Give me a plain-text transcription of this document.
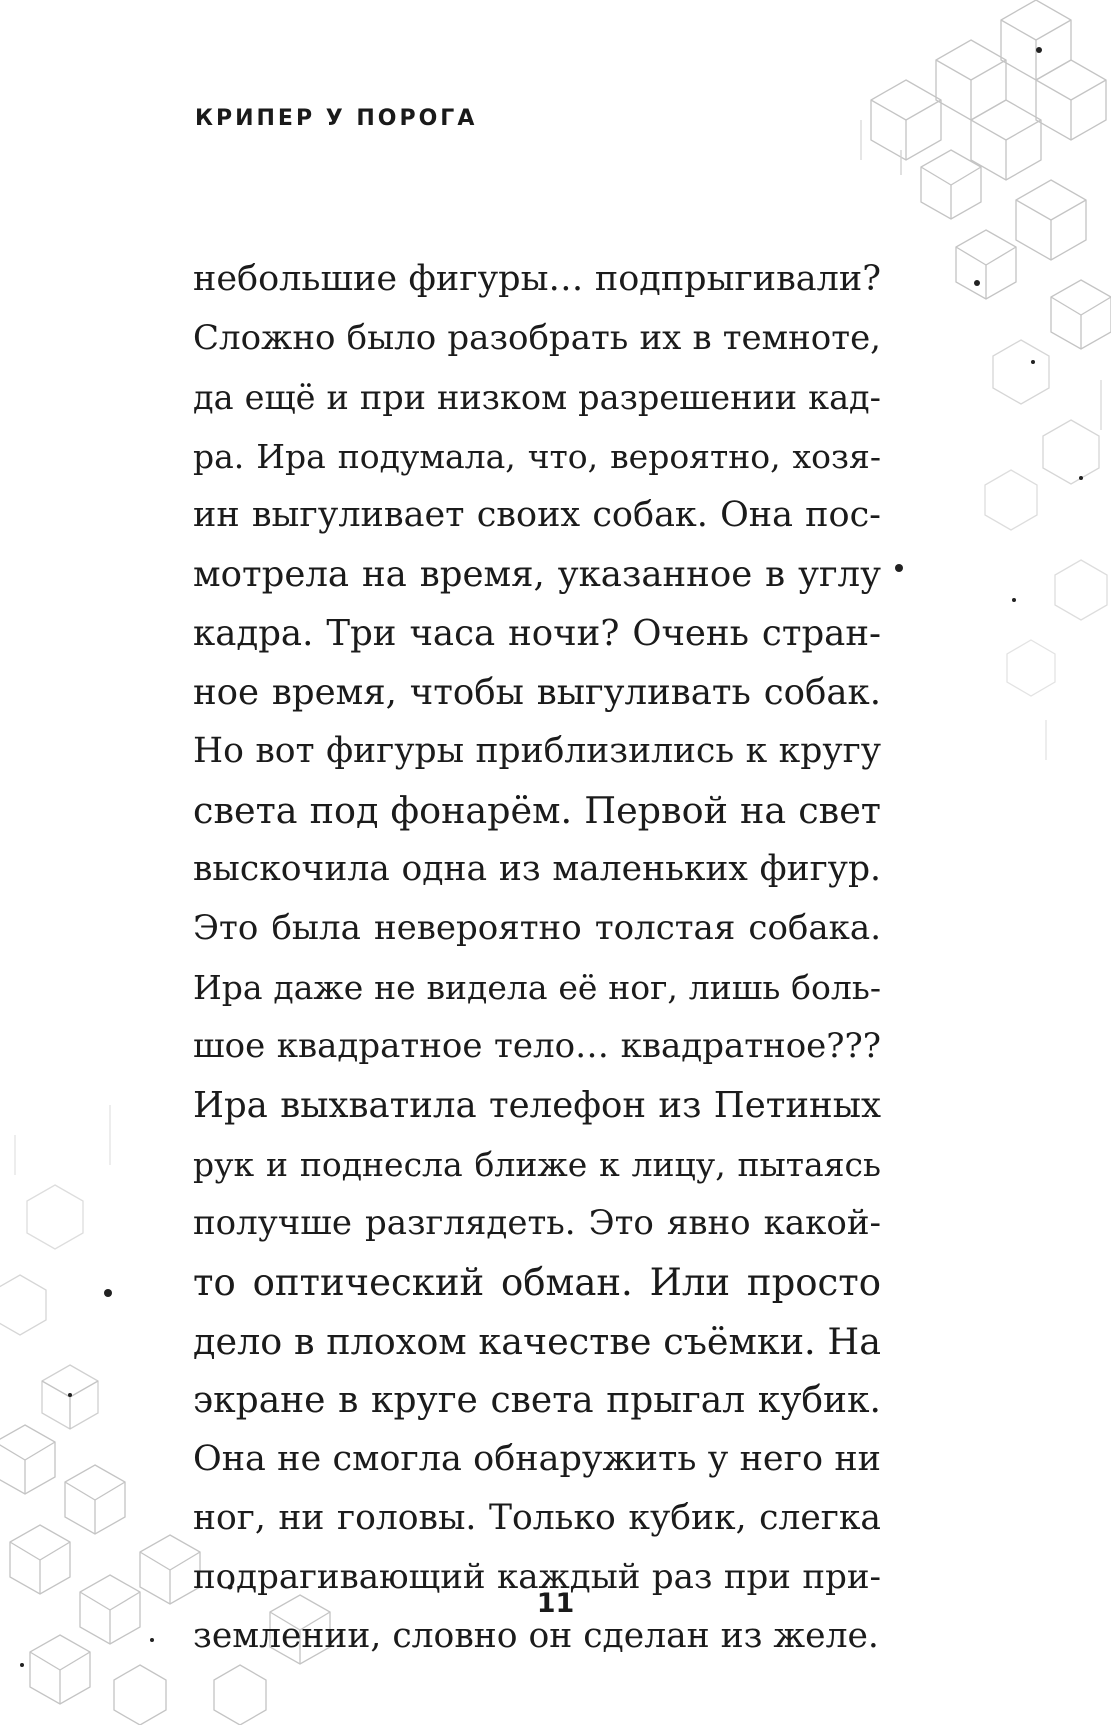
КРИПЕР У ПОРОГА
небольшие фигуры… подпрыгивали?
Сложно было разобрать их в темноте,
да ещё и при низком разрешении кад-
ра. Ира подумала, что, вероятно, хозя-
ин выгуливает своих собак. Она пос-
мотрела на время, указанное в углу
кадра. Три часа ночи? Очень стран-
ное время, чтобы выгуливать собак.
Но вот фигуры приблизились к кругу
света под фонарём. Первой на свет
выскочила одна из маленьких фигур.
Это была невероятно толстая собака.
Ира даже не видела её ног, лишь боль-
шое квадратное тело… квадратное???
Ира выхватила телефон из Петиных
рук и поднесла ближе к лицу, пытаясь
получше разглядеть. Это явно какой-
то оптический обман. Или просто
дело в плохом качестве съёмки. На
экране в круге света прыгал кубик.
Она не смогла обнаружить у него ни
ног, ни головы. Только кубик, слегка
подрагивающий каждый раз при при-
землении, словно он сделан из желе.
11
